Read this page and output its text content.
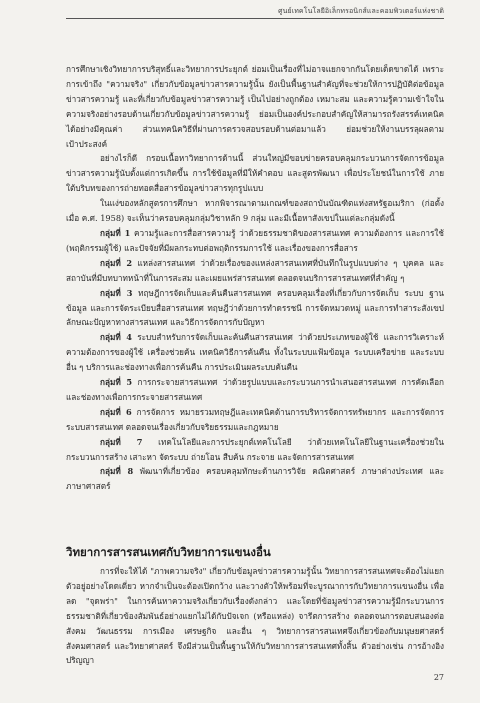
ศูนย์เทคโนโลยีอิเล็กทรอนิกส์และคอมพิวเตอร์แห่งชาติ

การศึกษาเชิงวิทยาการบริสุทธิ์และวิทยาการประยุกต์ ย่อมเป็นเรื่องที่ไม่อาจแยกจากกันโดยเด็ดขาดได้ เพราะการเข้าถึง "ความจริง" เกี่ยวกับข้อมูลข่าวสารความรู้นั้น ยังเป็นพื้นฐานสำคัญที่จะช่วยให้การปฏิบัติต่อข้อมูลข่าวสารความรู้ และที่เกี่ยวกับข้อมูลข่าวสารความรู้ เป็นไปอย่างถูกต้อง เหมาะสม และความรู้ความเข้าใจในความจริงอย่างรอบด้านเกี่ยวกับข้อมูลข่าวสารความรู้ ย่อมเป็นองค์ประกอบสำคัญให้สามารถรังสรรค์เทคนิคได้อย่างมีคุณค่า ส่วนเทคนิควิธีที่ผ่านการตรวจสอบรอบด้านต่อมาแล้ว ย่อมช่วยให้งานบรรลุผลตามเป้าประสงค์

อย่างไรก็ดี กรอบเนื้อหาวิทยาการด้านนี้ ส่วนใหญ่มีขอบข่ายครอบคลุมกระบวนการจัดการข้อมูลข่าวสารความรู้นับตั้งแต่การเกิดขึ้น การใช้ข้อมูลที่มีให้คำตอบ และสูตรพัฒนา เพื่อประโยชน์ในการใช้ ภายใต้บริบทของการถ่ายทอดสื่อสารข้อมูลข่าวสารทุกรูปแบบ

ในแง่ของหลักสูตรการศึกษา หากพิจารณาตามเกณฑ์ของสถาบันบัณฑิตแห่งสหรัฐอเมริกา (ก่อตั้งเมื่อ ค.ศ. 1958) จะเห็นว่าครอบคลุมกลุ่มวิชาหลัก 9 กลุ่ม และมีเนื้อหาสังเขปในแต่ละกลุ่มดังนี้

กลุ่มที่ 1 ความรู้และการสื่อสารความรู้ ว่าด้วยธรรมชาติของสารสนเทศ ความต้องการ และการใช้ (พฤติกรรมผู้ใช้) และปัจจัยที่มีผลกระทบต่อพฤติกรรมการใช้ และเรื่องของการสื่อสาร

กลุ่มที่ 2 แหล่งสารสนเทศ ว่าด้วยเรื่องของแหล่งสารสนเทศที่บันทึกในรูปแบบต่าง ๆ บุคคล และสถาบันที่มีบทบาทหน้าที่ในการสะสม และเผยแพร่สารสนเทศ ตลอดจนบริการสารสนเทศที่สำคัญ ๆ

กลุ่มที่ 3 ทฤษฎีการจัดเก็บและค้นคืนสารสนเทศ ครอบคลุมเรื่องที่เกี่ยวกับการจัดเก็บ ระบบ ฐานข้อมูล และการจัดระเบียบสื่อสารสนเทศ ทฤษฎีว่าด้วยการทำดรรชนี การจัดหมวดหมู่ และการทำสาระสังเขป ลักษณะปัญหาทางสารสนเทศ และวิธีการจัดการกับปัญหา

กลุ่มที่ 4 ระบบสำหรับการจัดเก็บและค้นคืนสารสนเทศ ว่าด้วยประเภทของผู้ใช้ และการวิเคราะห์ ความต้องการของผู้ใช้ เครื่องช่วยค้น เทคนิควิธีการค้นคืน ทั้งในระบบแฟ้มข้อมูล ระบบเครือข่าย และระบบอื่น ๆ บริการและช่องทางเพื่อการค้นคืน การประเมินผลระบบค้นคืน

กลุ่มที่ 5 การกระจายสารสนเทศ ว่าด้วยรูปแบบและกระบวนการนำเสนอสารสนเทศ การคัดเลือก และช่องทางเพื่อการกระจายสารสนเทศ

กลุ่มที่ 6 การจัดการ หมายรวมทฤษฎีและเทคนิคด้านการบริหารจัดการทรัพยากร และการจัดการระบบสารสนเทศ ตลอดจนเรื่องเกี่ยวกับจริยธรรมและกฎหมาย

กลุ่มที่ 7 เทคโนโลยีและการประยุกต์เทคโนโลยี ว่าด้วยเทคโนโลยีในฐานะเครื่องช่วยในกระบวนการสร้าง เสาะหา จัดระบบ ถ่ายโอน สืบค้น กระจาย และจัดการสารสนเทศ

กลุ่มที่ 8 พัฒนาที่เกี่ยวข้อง ครอบคลุมทักษะด้านการวิจัย คณิตศาสตร์ ภาษาต่างประเทศ และภาษาศาสตร์

วิทยาการสารสนเทศกับวิทยาการแขนงอื่น

การที่จะให้ได้ "ภาพความจริง" เกี่ยวกับข้อมูลข่าวสารความรู้นั้น วิทยาการสารสนเทศจะต้องไม่แยกตัวอยู่อย่างโดดเดี่ยว หากจำเป็นจะต้องเปิดกว้าง และวางตัวให้พร้อมที่จะบูรณาการกับวิทยาการแขนงอื่น เพื่อลด "จุดพร่า" ในการค้นหาความจริงเกี่ยวกับเรื่องดังกล่าว และโดยที่ข้อมูลข่าวสารความรู้มีกระบวนการธรรมชาติที่เกี่ยวข้องสัมพันธ์อย่างแยกไม่ได้กับปัจเจก (หรือแหล่ง) จารีตการสร้าง ตลอดจนการตอบสนองต่อสังคม วัฒนธรรม การเมือง เศรษฐกิจ และอื่น ๆ วิทยาการสารสนเทศจึงเกี่ยวข้องกับมนุษยศาสตร์ สังคมศาสตร์ และวิทยาศาสตร์ จึงมีส่วนเป็นพื้นฐานให้กับวิทยาการสารสนเทศทั้งสิ้น ตัวอย่างเช่น การอ้างอิงปริญญา

27
